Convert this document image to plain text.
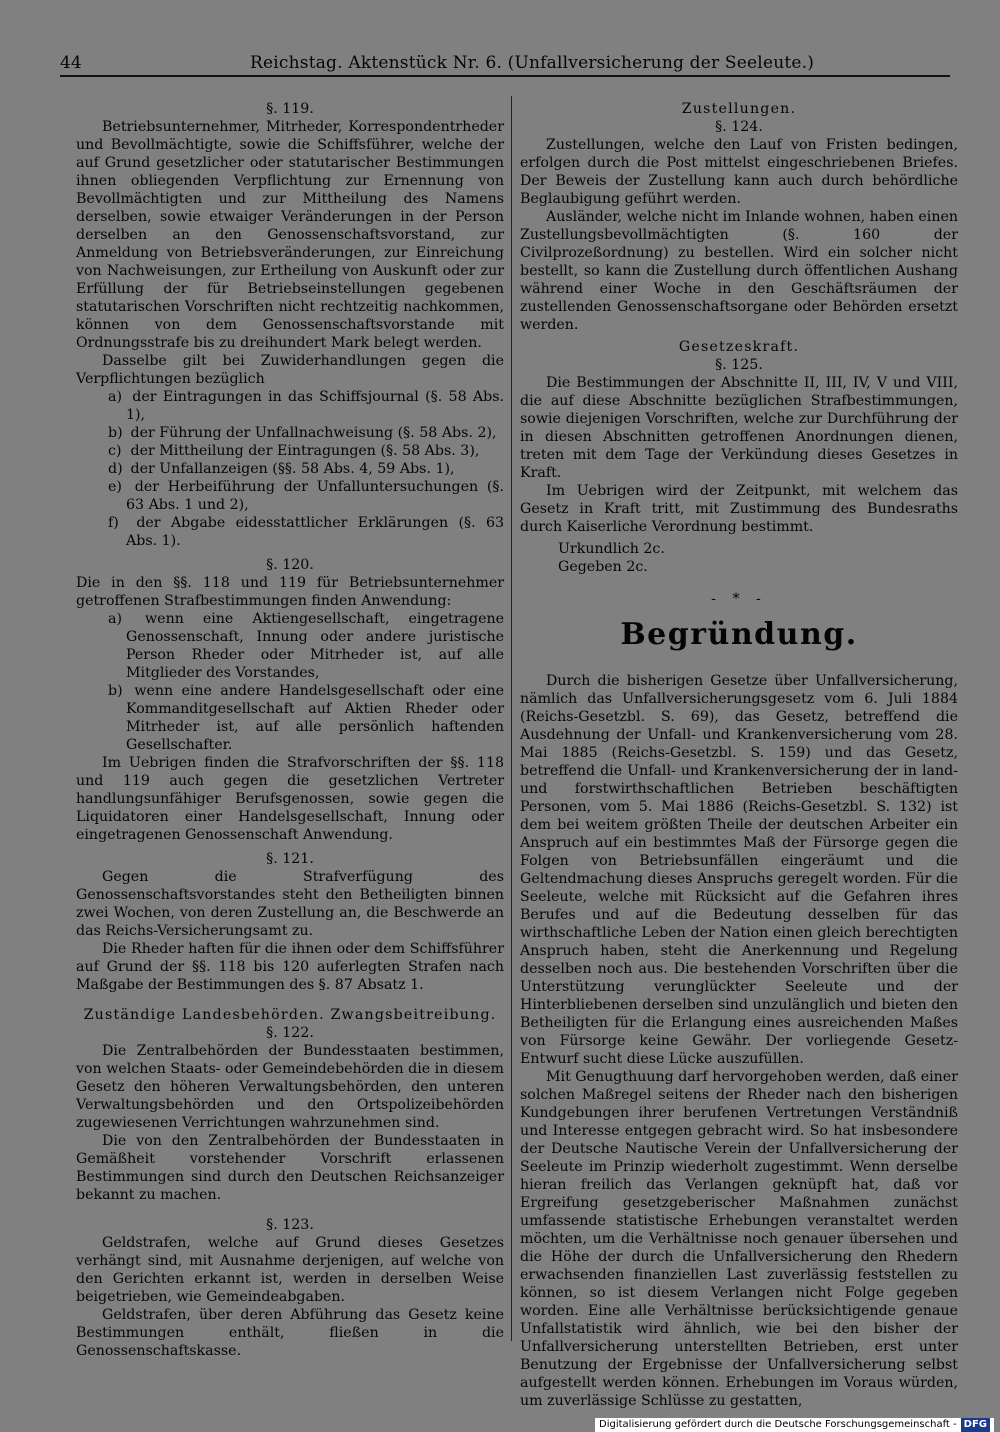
44	Reichstag. Aktenstück Nr. 6. (Unfallversicherung der Seeleute.)
§. 119.

Betriebsunternehmer, Mitrheder, Korrespondentrheder und Bevollmächtigte, sowie die Schiffsführer, welche der auf Grund gesetzlicher oder statutarischer Bestimmungen ihnen obliegenden Verpflichtung zur Ernennung von Bevollmächtigten und zur Mittheilung des Namens derselben, sowie etwaiger Veränderungen in der Person derselben an den Genossenschaftsvorstand, zur Anmeldung von Betriebsveränderungen, zur Einreichung von Nachweisungen, zur Ertheilung von Auskunft oder zur Erfüllung der für Betriebseinstellungen gegebenen statutarischen Vorschriften nicht rechtzeitig nachkommen, können von dem Genossenschaftsvorstande mit Ordnungsstrafe bis zu dreihundert Mark belegt werden.

Dasselbe gilt bei Zuwiderhandlungen gegen die Verpflichtungen bezüglich

a) der Eintragungen in das Schiffsjournal (§. 58 Abs. 1),
b) der Führung der Unfallnachweisung (§. 58 Abs. 2),
c) der Mittheilung der Eintragungen (§. 58 Abs. 3),
d) der Unfallanzeigen (§§. 58 Abs. 4, 59 Abs. 1),
e) der Herbeiführung der Unfalluntersuchungen (§. 63 Abs. 1 und 2),
f) der Abgabe eidesstattlicher Erklärungen (§. 63 Abs. 1).
§. 120.

Die in den §§. 118 und 119 für Betriebsunternehmer getroffenen Strafbestimmungen finden Anwendung:

a) wenn eine Aktiengesellschaft, eingetragene Genossenschaft, Innung oder andere juristische Person Rheder oder Mitrheder ist, auf alle Mitglieder des Vorstandes,
b) wenn eine andere Handelsgesellschaft oder eine Kommanditgesellschaft auf Aktien Rheder oder Mitrheder ist, auf alle persönlich haftenden Gesellschafter.

Im Uebrigen finden die Strafvorschriften der §§. 118 und 119 auch gegen die gesetzlichen Vertreter handlungsunfähiger Berufsgenossen, sowie gegen die Liquidatoren einer Handelsgesellschaft, Innung oder eingetragenen Genossenschaft Anwendung.

§. 121.

Gegen die Strafverfügung des Genossenschaftsvorstandes steht den Betheiligten binnen zwei Wochen, von deren Zustellung an, die Beschwerde an das Reichs-Versicherungsamt zu.

Die Rheder haften für die ihnen oder dem Schiffsführer auf Grund der §§. 118 bis 120 auferlegten Strafen nach Maßgabe der Bestimmungen des §. 87 Absatz 1.

Zuständige Landesbehörden. Zwangsbeitreibung.
§. 122.

Die Zentralbehörden der Bundesstaaten bestimmen, von welchen Staats- oder Gemeindebehörden die in diesem Gesetz den höheren Verwaltungsbehörden, den unteren Verwaltungsbehörden und den Ortspolizeibehörden zugewiesenen Verrichtungen wahrzunehmen sind.

Die von den Zentralbehörden der Bundesstaaten in Gemäßheit vorstehender Vorschrift erlassenen Bestimmungen sind durch den Deutschen Reichsanzeiger bekannt zu machen.

§. 123.

Geldstrafen, welche auf Grund dieses Gesetzes verhängt sind, mit Ausnahme derjenigen, auf welche von den Gerichten erkannt ist, werden in derselben Weise beigetrieben, wie Gemeindeabgaben.

Geldstrafen, über deren Abführung das Gesetz keine Bestimmungen enthält, fließen in die Genossenschaftskasse.

Zustellungen.
§. 124.

Zustellungen, welche den Lauf von Fristen bedingen, erfolgen durch die Post mittelst eingeschriebenen Briefes. Der Beweis der Zustellung kann auch durch behördliche Beglaubigung geführt werden.

Ausländer, welche nicht im Inlande wohnen, haben einen Zustellungsbevollmächtigten (§. 160 der Civilprozeßordnung) zu bestellen. Wird ein solcher nicht bestellt, so kann die Zustellung durch öffentlichen Aushang während einer Woche in den Geschäftsräumen der zustellenden Genossenschaftsorgane oder Behörden ersetzt werden.

Gesetzeskraft.
§. 125.

Die Bestimmungen der Abschnitte II, III, IV, V und VIII, die auf diese Abschnitte bezüglichen Strafbestimmungen, sowie diejenigen Vorschriften, welche zur Durchführung der in diesen Abschnitten getroffenen Anordnungen dienen, treten mit dem Tage der Verkündung dieses Gesetzes in Kraft.

Im Uebrigen wird der Zeitpunkt, mit welchem das Gesetz in Kraft tritt, mit Zustimmung des Bundesraths durch Kaiserliche Verordnung bestimmt.

Urkundlich 2c.
Gegeben 2c.
- * -
Begründung.

Durch die bisherigen Gesetze über Unfallversicherung, nämlich das Unfallversicherungsgesetz vom 6. Juli 1884 (Reichs-Gesetzbl. S. 69), das Gesetz, betreffend die Ausdehnung der Unfall- und Krankenversicherung vom 28. Mai 1885 (Reichs-Gesetzbl. S. 159) und das Gesetz, betreffend die Unfall- und Krankenversicherung der in land- und forstwirthschaftlichen Betrieben beschäftigten Personen, vom 5. Mai 1886 (Reichs-Gesetzbl. S. 132) ist dem bei weitem größten Theile der deutschen Arbeiter ein Anspruch auf ein bestimmtes Maß der Fürsorge gegen die Folgen von Betriebsunfällen eingeräumt und die Geltendmachung dieses Anspruchs geregelt worden. Für die Seeleute, welche mit Rücksicht auf die Gefahren ihres Berufes und auf die Bedeutung desselben für das wirthschaftliche Leben der Nation einen gleich berechtigten Anspruch haben, steht die Anerkennung und Regelung desselben noch aus. Die bestehenden Vorschriften über die Unterstützung verunglückter Seeleute und der Hinterbliebenen derselben sind unzulänglich und bieten den Betheiligten für die Erlangung eines ausreichenden Maßes von Fürsorge keine Gewähr. Der vorliegende Gesetz-Entwurf sucht diese Lücke auszufüllen.

Mit Genugthuung darf hervorgehoben werden, daß einer solchen Maßregel seitens der Rheder nach den bisherigen Kundgebungen ihrer berufenen Vertretungen Verständniß und Interesse entgegen gebracht wird. So hat insbesondere der Deutsche Nautische Verein der Unfallversicherung der Seeleute im Prinzip wiederholt zugestimmt. Wenn derselbe hieran freilich das Verlangen geknüpft hat, daß vor Ergreifung gesetzgeberischer Maßnahmen zunächst umfassende statistische Erhebungen veranstaltet werden möchten, um die Verhältnisse noch genauer übersehen und die Höhe der durch die Unfallversicherung den Rhedern erwachsenden finanziellen Last zuverlässig feststellen zu können, so ist diesem Verlangen nicht Folge gegeben worden. Eine alle Verhältnisse berücksichtigende genaue Unfallstatistik wird ähnlich, wie bei den bisher der Unfallversicherung unterstellten Betrieben, erst unter Benutzung der Ergebnisse der Unfallversicherung selbst aufgestellt werden können. Erhebungen im Voraus würden, um zuverlässige Schlüsse zu gestatten,

Digitalisierung gefördert durch die Deutsche Forschungsgemeinschaft - DFG
